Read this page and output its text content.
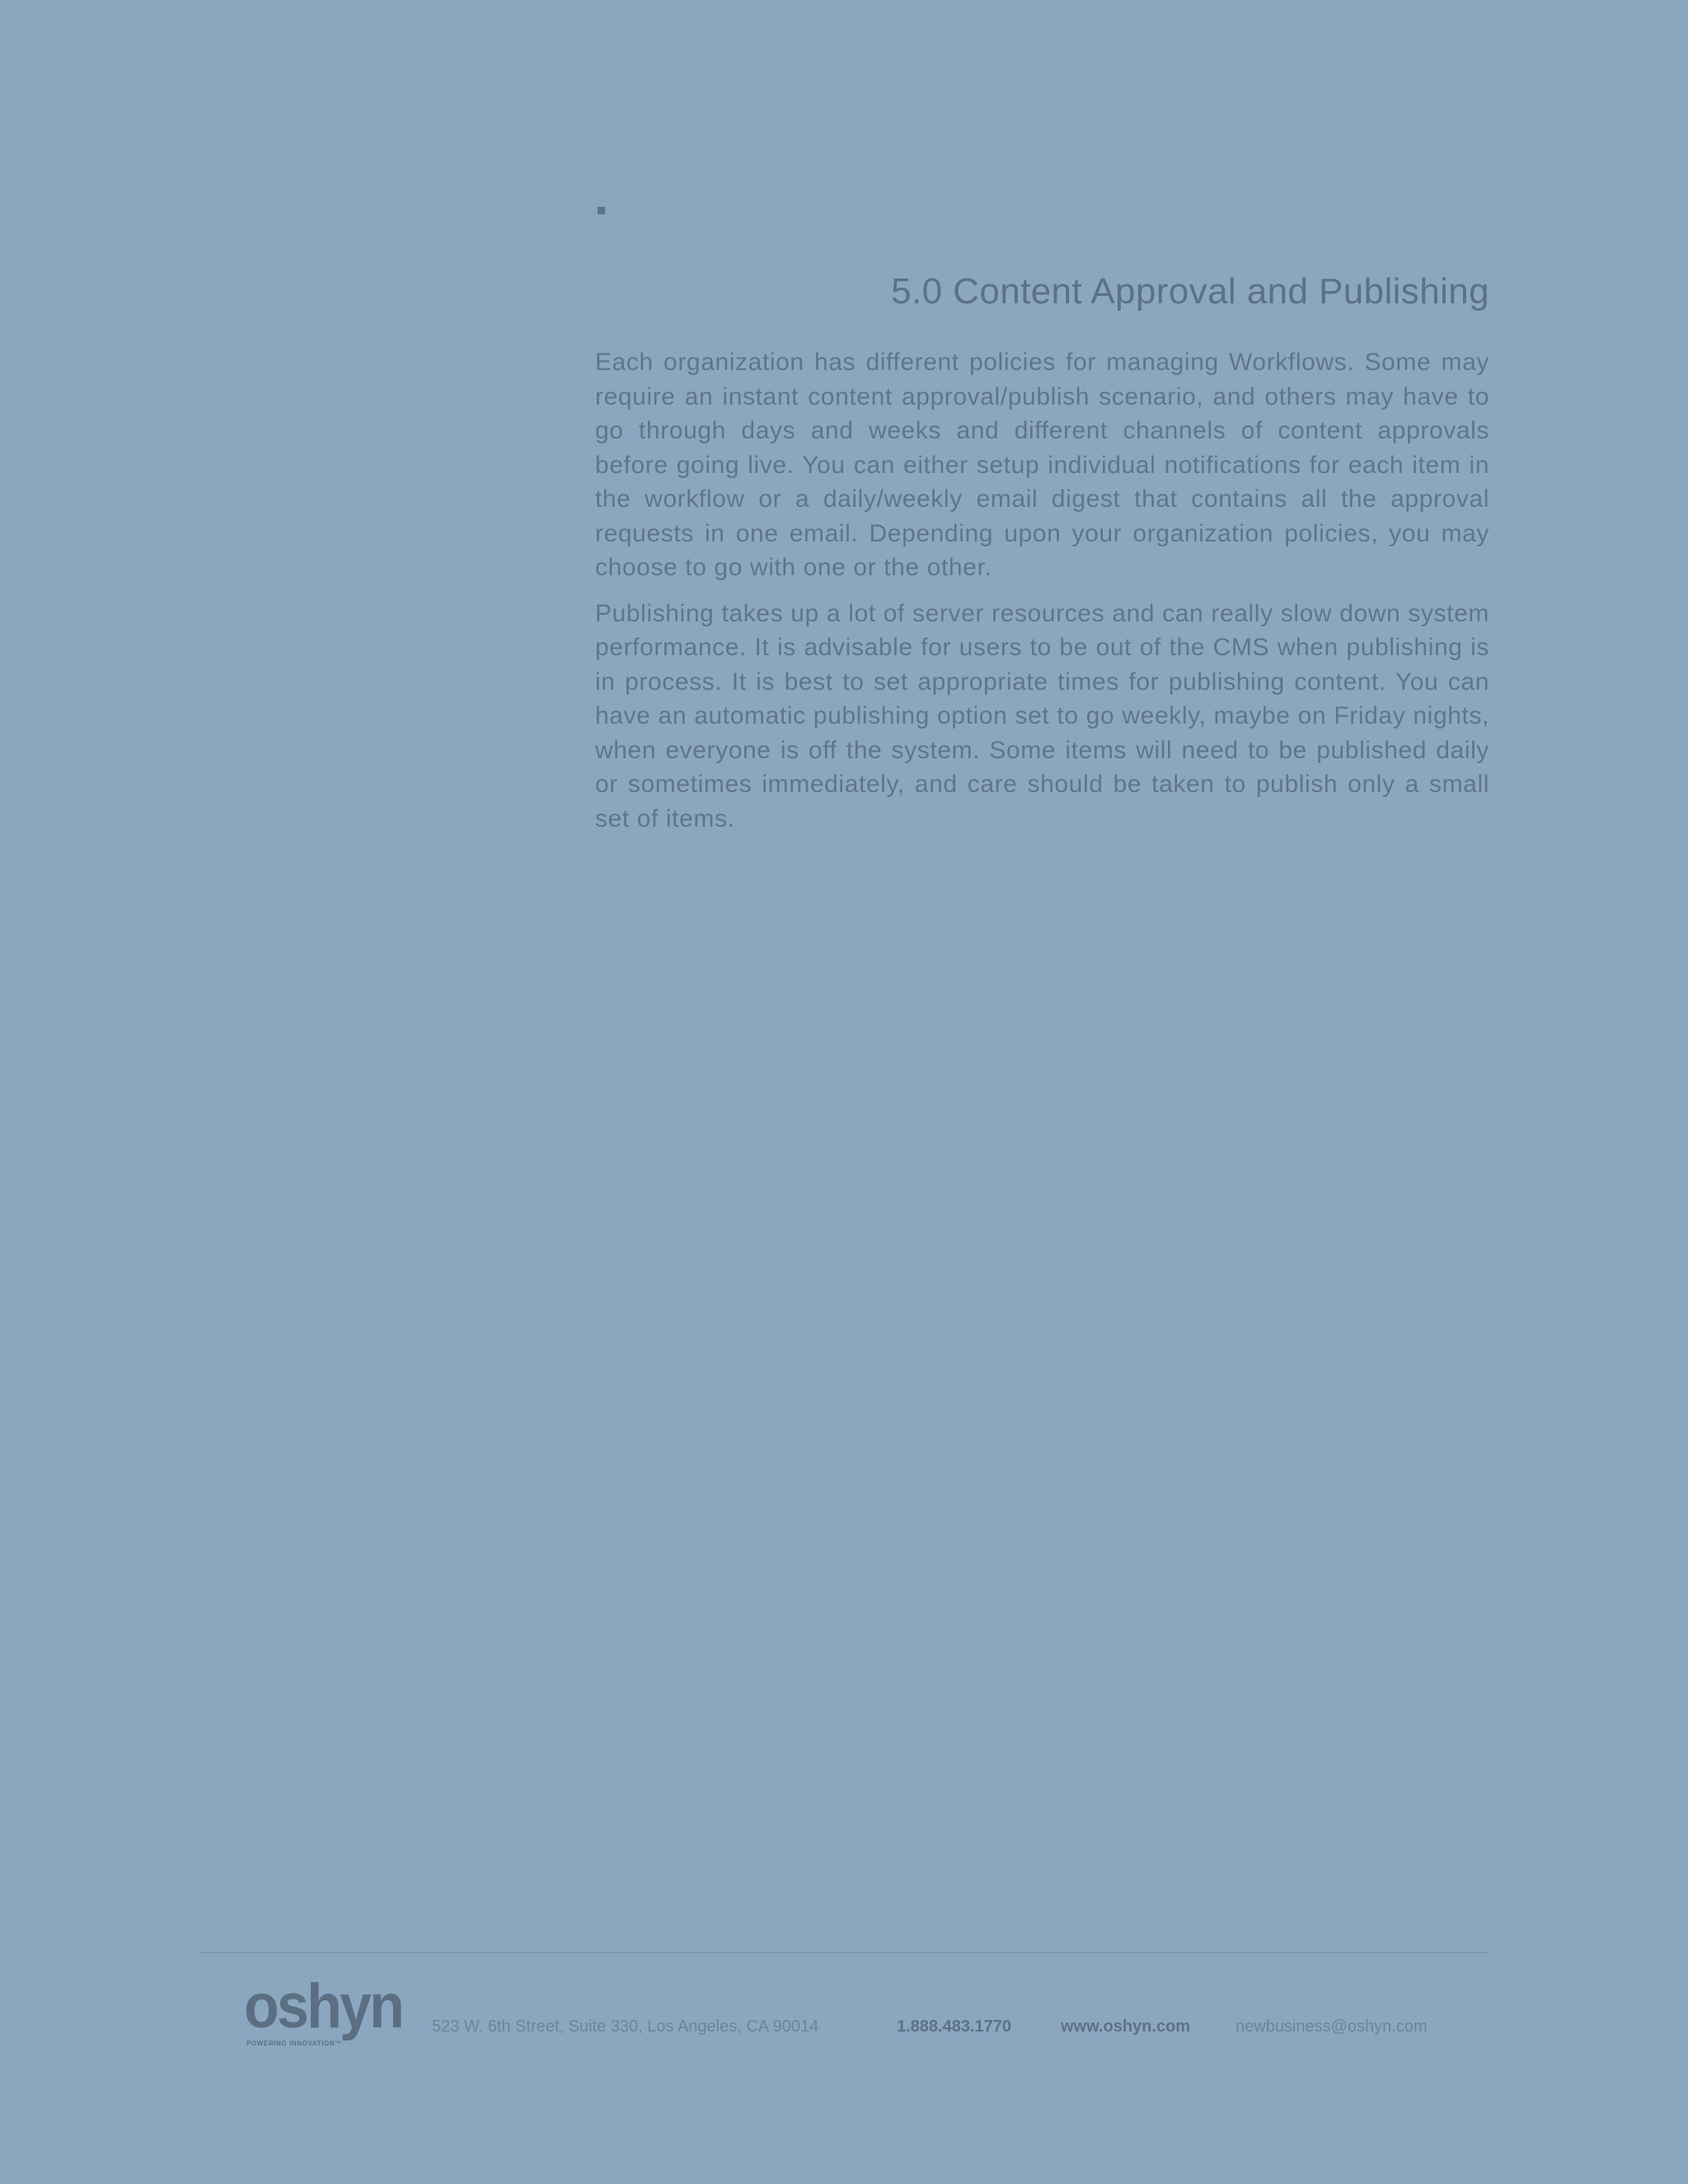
5.0 Content Approval and Publishing

Each organization has different policies for managing Workflows. Some may require an instant content approval/publish scenario, and others may have to go through days and weeks and different channels of content approvals before going live. You can either setup individual notifications for each item in the workflow or a daily/weekly email digest that contains all the approval requests in one email. Depending upon your organization policies, you may choose to go with one or the other.

Publishing takes up a lot of server resources and can really slow down system performance. It is advisable for users to be out of the CMS when publishing is in process. It is best to set appropriate times for publishing content. You can have an automatic publishing option set to go weekly, maybe on Friday nights, when everyone is off the system. Some items will need to be published daily or sometimes immediately, and care should be taken to publish only a small set of items.

oshyn
POWERING INNOVATION™
523 W. 6th Street, Suite 330, Los Angeles, CA 90014	1.888.483.1770	www.oshyn.com	newbusiness@oshyn.com
